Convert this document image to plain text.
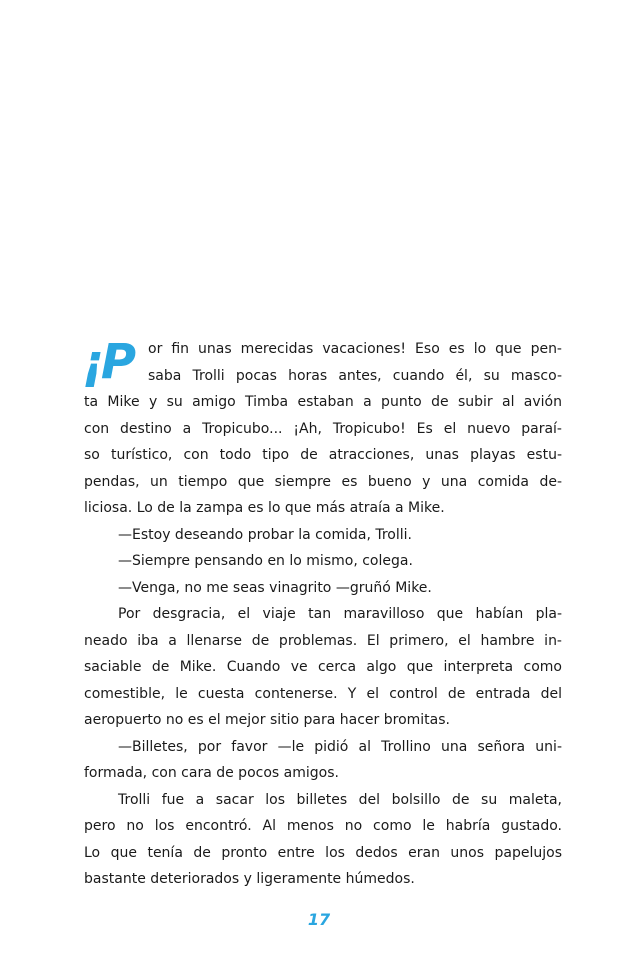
¡P or fin unas merecidas vacaciones! Eso es lo que pen-
saba Trolli pocas horas antes, cuando él, su masco-
ta Mike y su amigo Timba estaban a punto de subir al avión
con destino a Tropicubo... ¡Ah, Tropicubo! Es el nuevo paraí-
so turístico, con todo tipo de atracciones, unas playas estu-
pendas, un tiempo que siempre es bueno y una comida de-
liciosa. Lo de la zampa es lo que más atraía a Mike.
—Estoy deseando probar la comida, Trolli.
—Siempre pensando en lo mismo, colega.
—Venga, no me seas vinagrito —gruñó Mike.
Por desgracia, el viaje tan maravilloso que habían pla-
neado iba a llenarse de problemas. El primero, el hambre in-
saciable de Mike. Cuando ve cerca algo que interpreta como
comestible, le cuesta contenerse. Y el control de entrada del
aeropuerto no es el mejor sitio para hacer bromitas.
—Billetes, por favor —le pidió al Trollino una señora uni-
formada, con cara de pocos amigos.
Trolli fue a sacar los billetes del bolsillo de su maleta,
pero no los encontró. Al menos no como le habría gustado.
Lo que tenía de pronto entre los dedos eran unos papelujos
bastante deteriorados y ligeramente húmedos.
17
